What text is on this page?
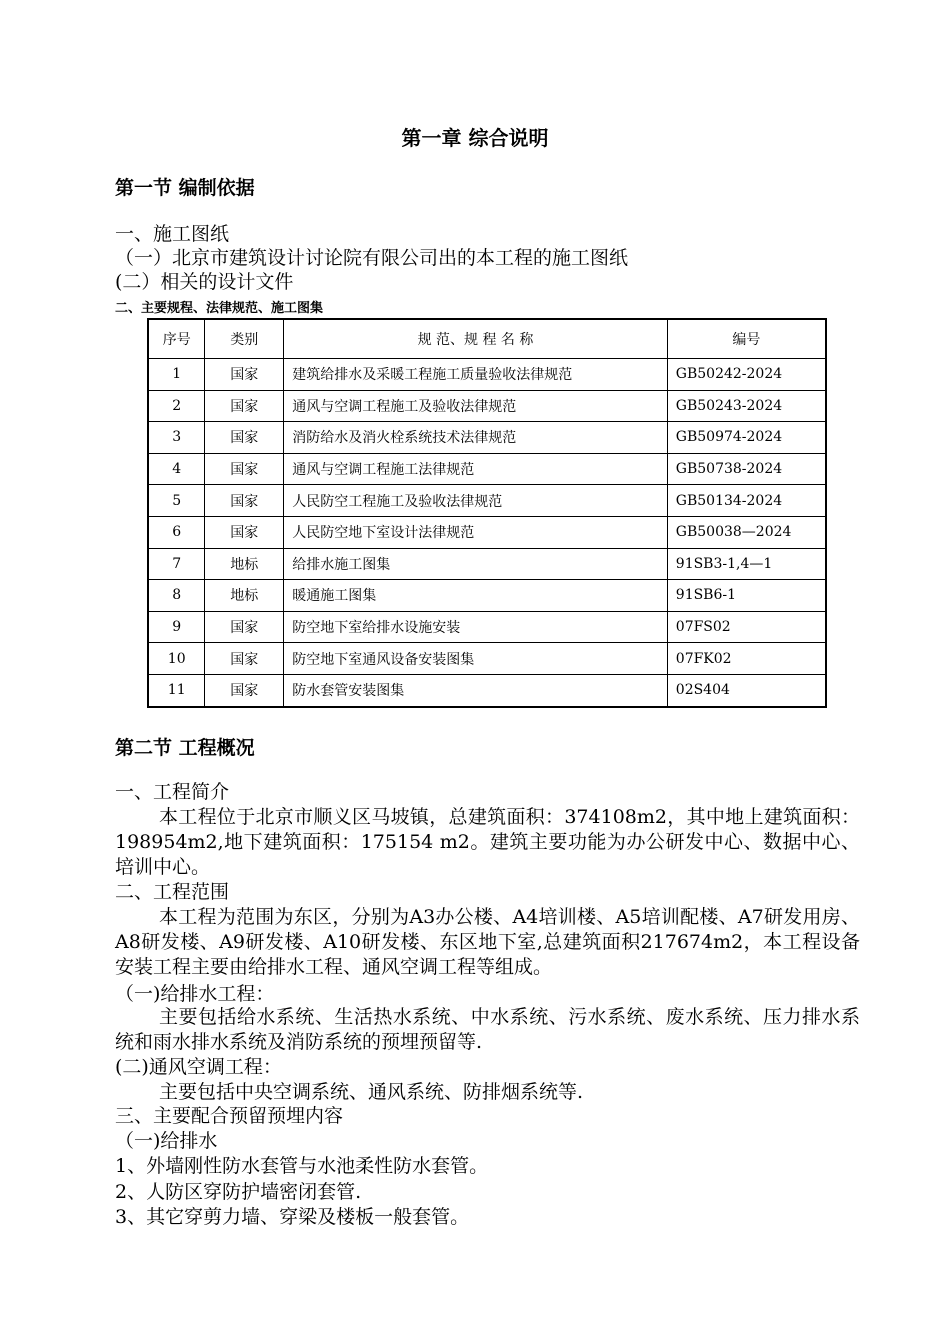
第一章 综合说明
第一节 编制依据
一、施工图纸
（一）北京市建筑设计讨论院有限公司出的本工程的施工图纸
(二）相关的设计文件
二、主要规程、法律规范、施工图集
序号	类别	规 范、规 程 名 称	编号
1	国家	建筑给排水及采暖工程施工质量验收法律规范	GB50242-2024
2	国家	通风与空调工程施工及验收法律规范	GB50243-2024
3	国家	消防给水及消火栓系统技术法律规范	GB50974-2024
4	国家	通风与空调工程施工法律规范	GB50738-2024
5	国家	人民防空工程施工及验收法律规范	GB50134-2024
6	国家	人民防空地下室设计法律规范	GB50038—2024
7	地标	给排水施工图集	91SB3-1,4—1
8	地标	暖通施工图集	91SB6-1
9	国家	防空地下室给排水设施安装	07FS02
10	国家	防空地下室通风设备安装图集	07FK02
11	国家	防水套管安装图集	02S404
第二节 工程概况
一、工程简介
本工程位于北京市顺义区马坡镇，总建筑面积：374108m2，其中地上建筑面积：198954m2,地下建筑面积：175154 m2。建筑主要功能为办公研发中心、数据中心、培训中心。
二、工程范围
本工程为范围为东区，分别为A3办公楼、A4培训楼、A5培训配楼、A7研发用房、A8研发楼、A9研发楼、A10研发楼、东区地下室,总建筑面积217674m2，本工程设备安装工程主要由给排水工程、通风空调工程等组成。
（一)给排水工程：
主要包括给水系统、生活热水系统、中水系统、污水系统、废水系统、压力排水系统和雨水排水系统及消防系统的预埋预留等.
(二)通风空调工程：
主要包括中央空调系统、通风系统、防排烟系统等.
三、主要配合预留预埋内容
（一)给排水
1、外墙刚性防水套管与水池柔性防水套管。
2、人防区穿防护墙密闭套管.
3、其它穿剪力墙、穿梁及楼板一般套管。
